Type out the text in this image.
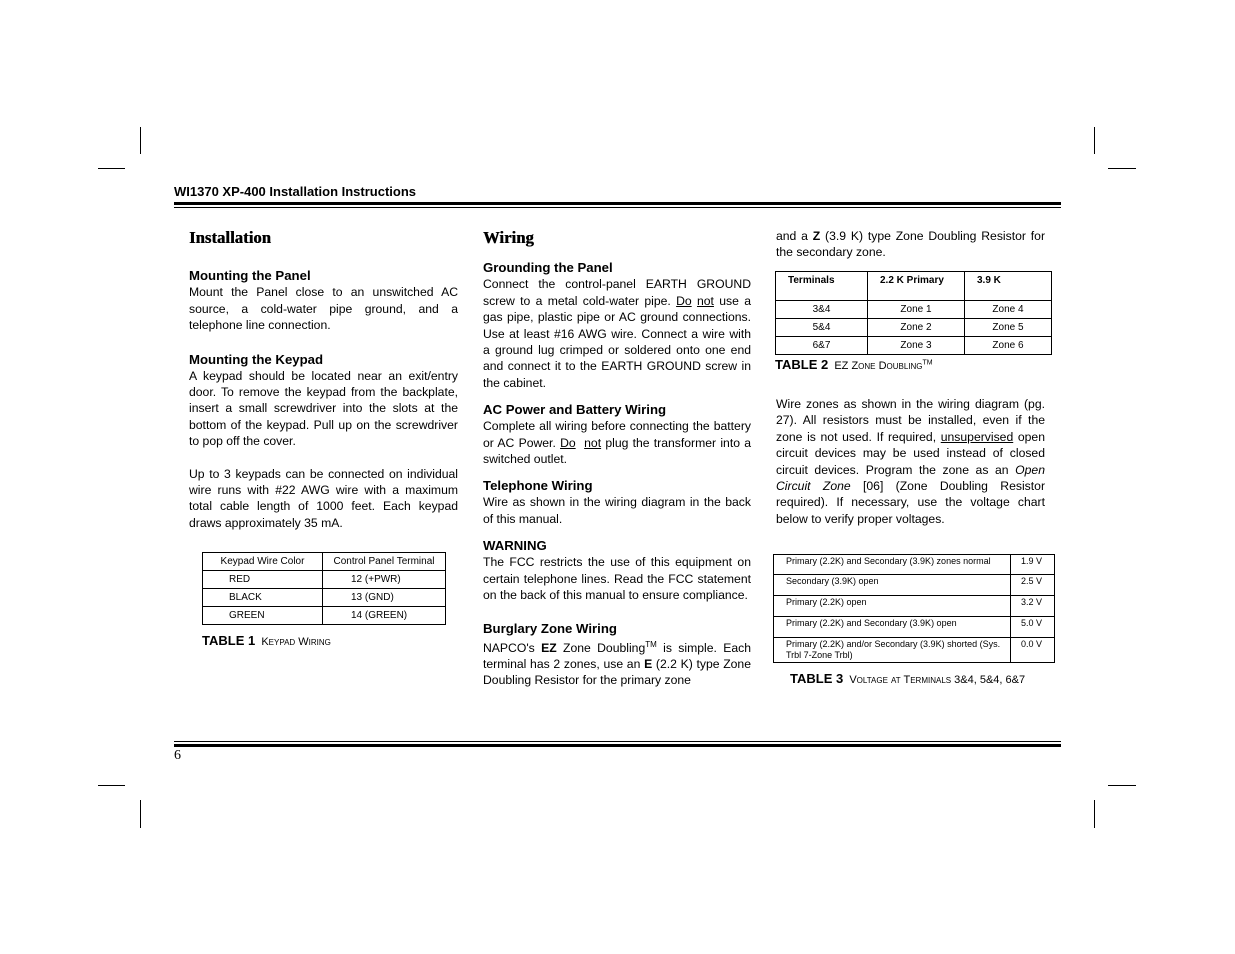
WI1370 XP-400 Installation Instructions
6
Installation
Mounting the Panel

Mount the Panel close to an unswitched AC source, a cold-water pipe ground, and a telephone line connection.

Mounting the Keypad

A keypad should be located near an exit/entry door. To remove the keypad from the backplate, insert a small screwdriver into the slots at the bottom of the keypad. Pull up on the screwdriver to pop off the cover.

Up to 3 keypads can be connected on individual wire runs with #22 AWG wire with a maximum total cable length of 1000 feet. Each keypad draws approximately 35 mA.

Keypad Wire Color	Control Panel Terminal
RED	12 (+PWR)
BLACK	13 (GND)
GREEN	14 (GREEN)
TABLE 1 Keypad Wiring
Wiring
Grounding the Panel

Connect the control-panel EARTH GROUND screw to a metal cold-water pipe. Do not use a gas pipe, plastic pipe or AC ground connections. Use at least #16 AWG wire. Connect a wire with a ground lug crimped or soldered onto one end and connect it to the EARTH GROUND screw in the cabinet.

AC Power and Battery Wiring

Complete all wiring before connecting the battery or AC Power. Do not plug the transformer into a switched outlet.

Telephone Wiring

Wire as shown in the wiring diagram in the back of this manual.

WARNING

The FCC restricts the use of this equipment on certain telephone lines. Read the FCC statement on the back of this manual to ensure compliance.

Burglary Zone Wiring

NAPCO's EZ Zone Doubling™ is simple. Each terminal has 2 zones, use an E (2.2 K) type Zone Doubling Resistor for the primary zone

and a Z (3.9 K) type Zone Doubling Resistor for the secondary zone.

Terminals	2.2 K Primary	3.9 K
3&4	Zone 1	Zone 4
5&4	Zone 2	Zone 5
6&7	Zone 3	Zone 6
TABLE 2 EZ Zone Doubling™

Wire zones as shown in the wiring diagram (pg. 27). All resistors must be installed, even if the zone is not used. If required, unsupervised open circuit devices may be used instead of closed circuit devices. Program the zone as an Open Circuit Zone [06] (Zone Doubling Resistor required). If necessary, use the voltage chart below to verify proper voltages.

Primary (2.2K) and Secondary (3.9K) zones normal	1.9 V
Secondary (3.9K) open	2.5 V
Primary (2.2K) open	3.2 V
Primary (2.2K) and Secondary (3.9K) open	5.0 V
Primary (2.2K) and/or Secondary (3.9K) shorted (Sys. Trbl 7-Zone Trbl)	0.0 V
TABLE 3 Voltage at Terminals 3&4, 5&4, 6&7
